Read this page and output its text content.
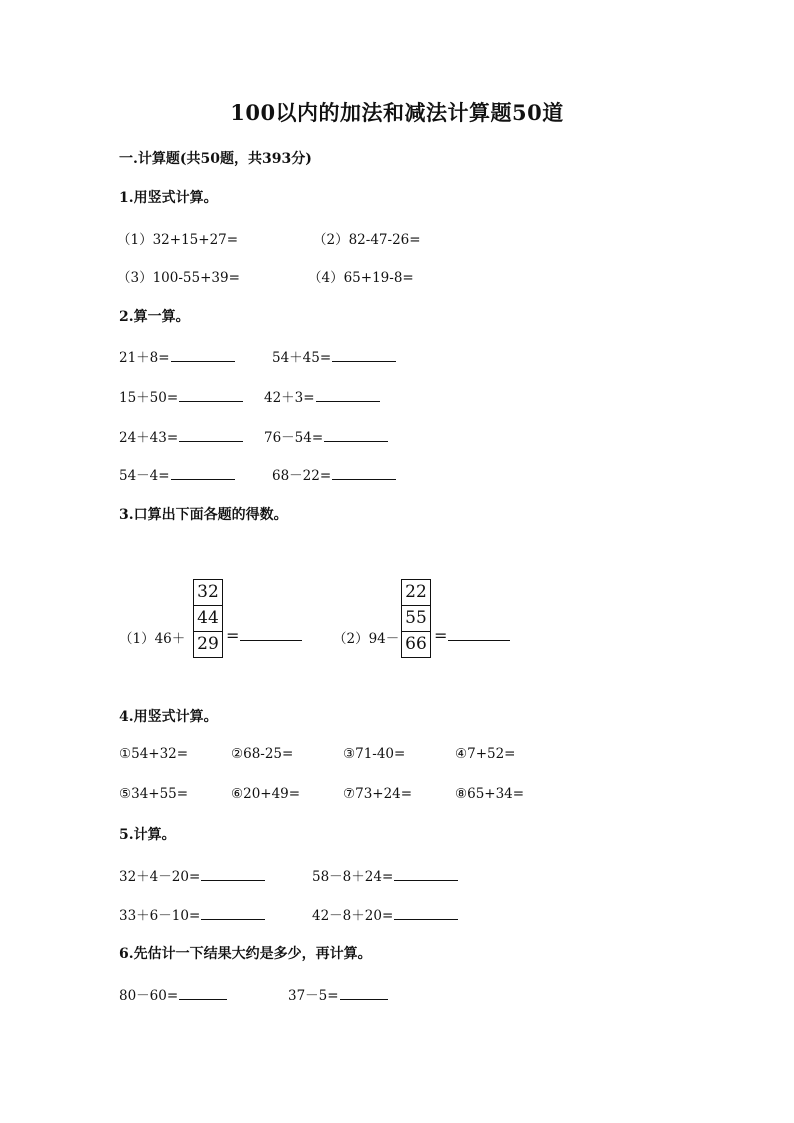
100以内的加法和减法计算题50道
一.计算题(共50题，共393分)
1.用竖式计算。
（1）32+15+27=	（2）82-47-26=
（3）100-55+39=	（4）65+19-8=
2.算一算。
21＋8=	54＋45=
15＋50=	42＋3=
24＋43=	76－54=
54－4=	68－22=
3.口算出下面各题的得数。
（1）46＋
32
44
29 =	（2）94－
22
55
66 =
4.用竖式计算。
①54+32=	②68-25=	③71-40=	④7+52=
⑤34+55=	⑥20+49=	⑦73+24=	⑧65+34=
5.计算。
32＋4－20=	58－8＋24=
33＋6－10=	42－8＋20=
6.先估计一下结果大约是多少，再计算。
80－60=	37－5=
